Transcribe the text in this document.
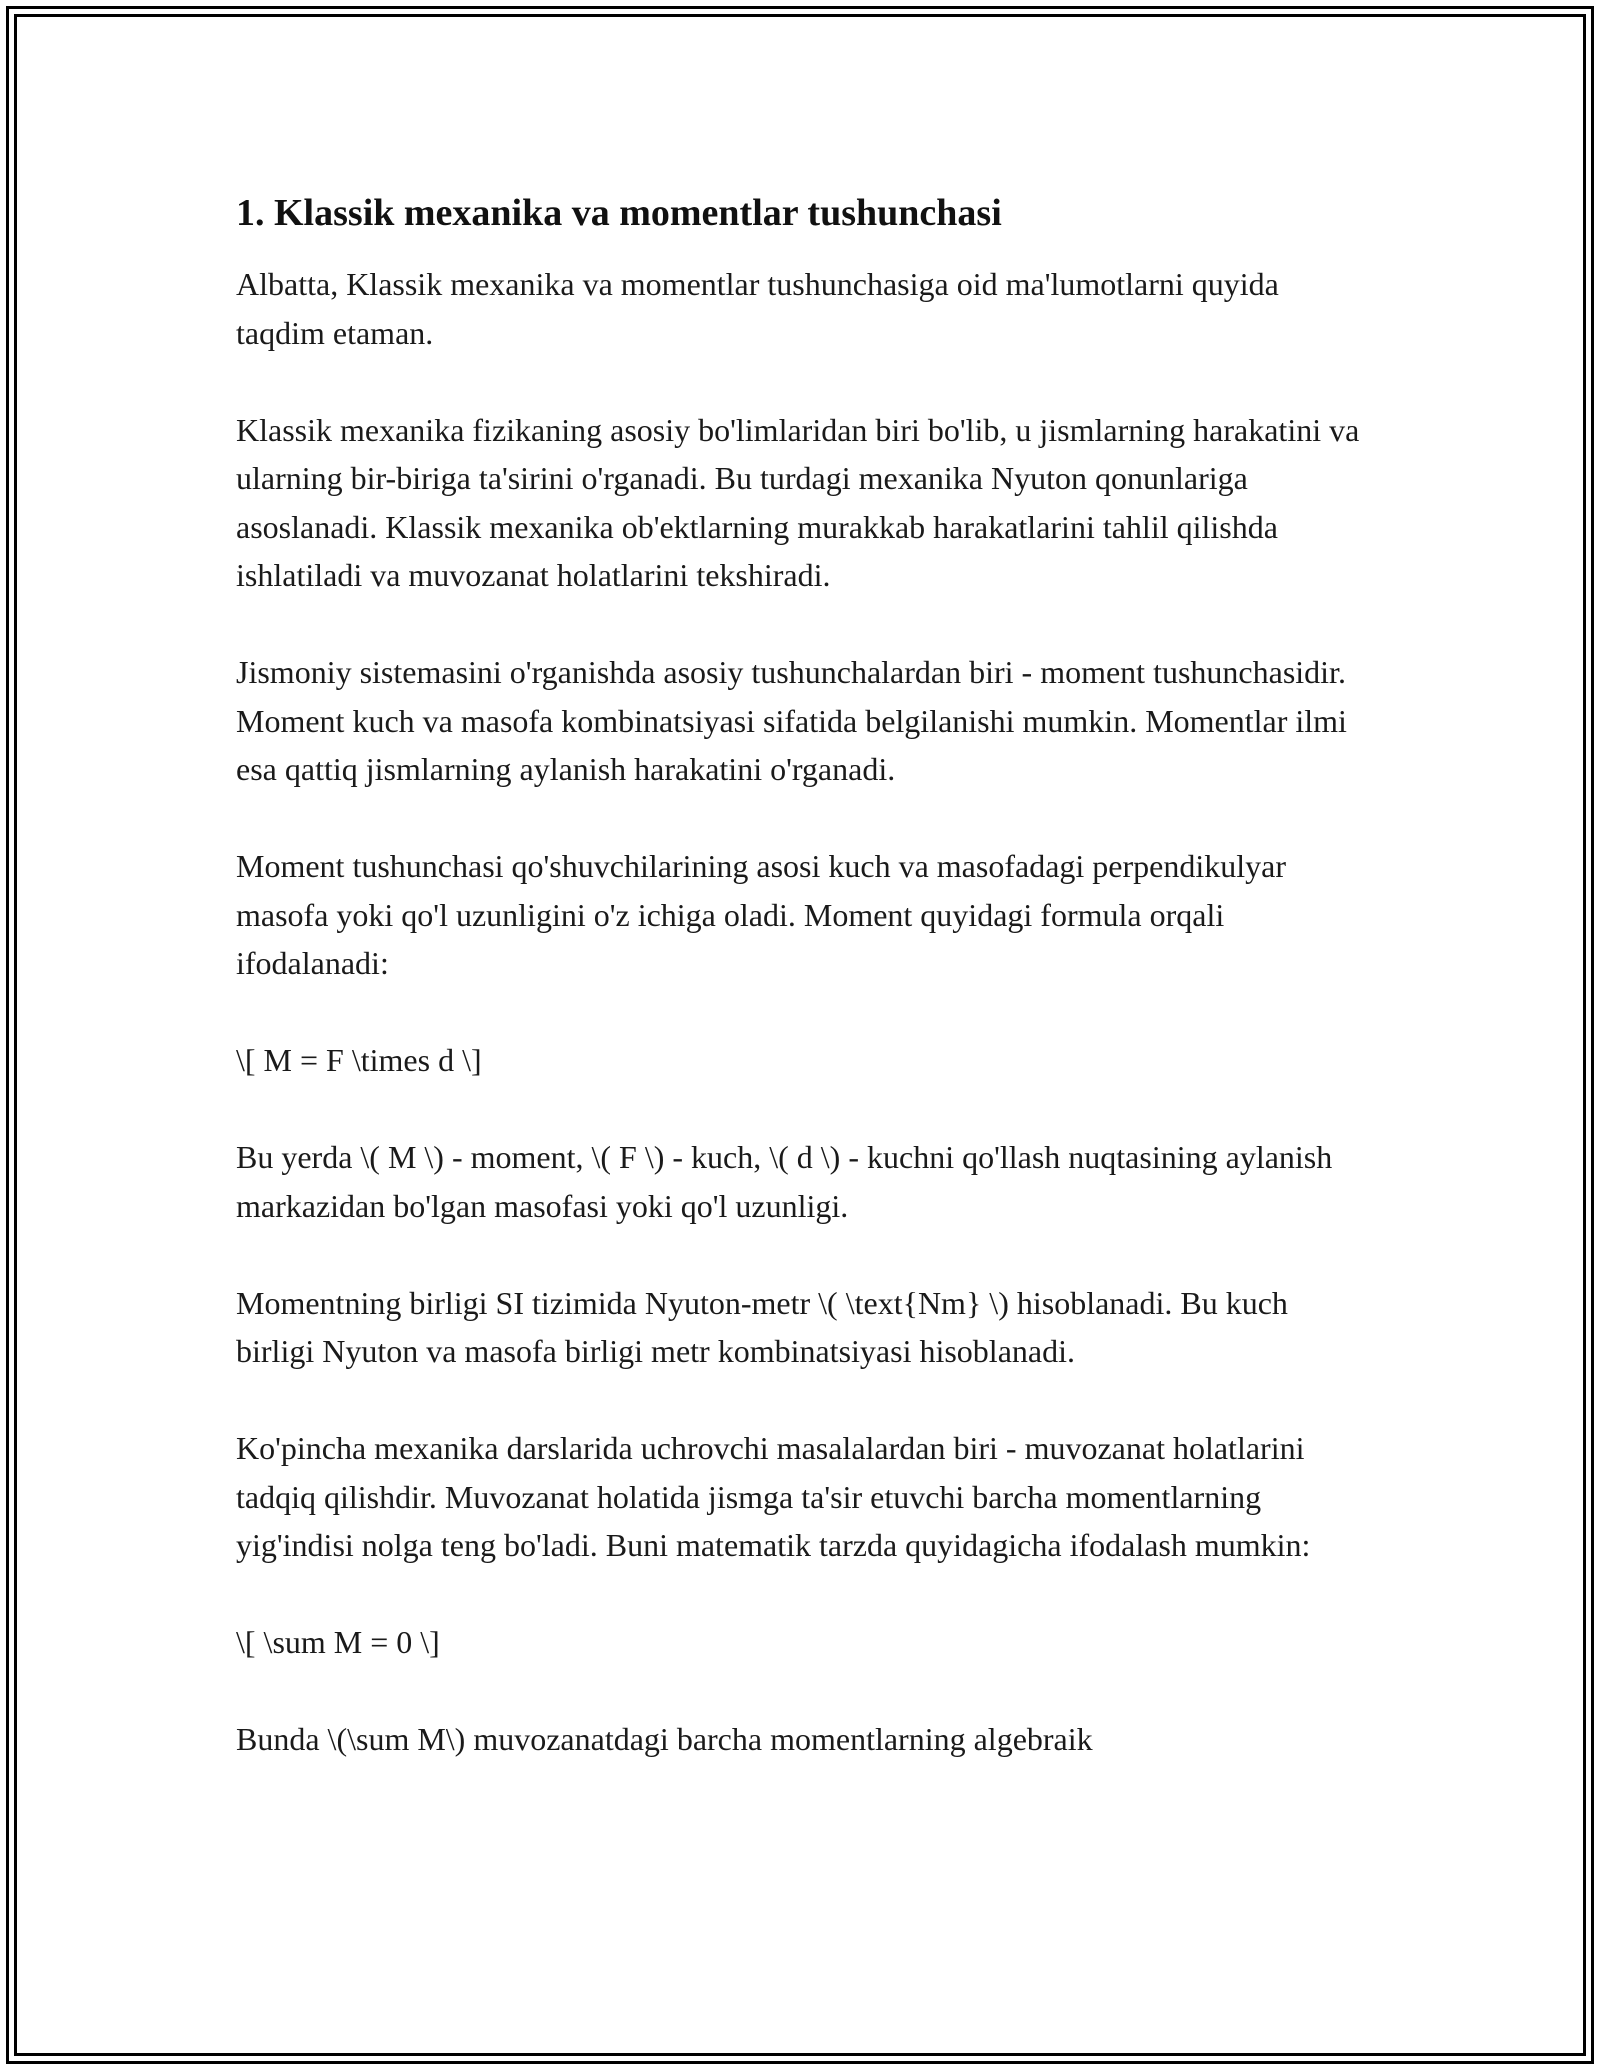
1. Klassik mexanika va momentlar tushunchasi

Albatta, Klassik mexanika va momentlar tushunchasiga oid ma'lumotlarni quyida taqdim etaman.

Klassik mexanika fizikaning asosiy bo'limlaridan biri bo'lib, u jismlarning harakatini va ularning bir-biriga ta'sirini o'rganadi. Bu turdagi mexanika Nyuton qonunlariga asoslanadi. Klassik mexanika ob'ektlarning murakkab harakatlarini tahlil qilishda ishlatiladi va muvozanat holatlarini tekshiradi.

Jismoniy sistemasini o'rganishda asosiy tushunchalardan biri - moment tushunchasidir. Moment kuch va masofa kombinatsiyasi sifatida belgilanishi mumkin. Momentlar ilmi esa qattiq jismlarning aylanish harakatini o'rganadi.

Moment tushunchasi qo'shuvchilarining asosi kuch va masofadagi perpendikulyar masofa yoki qo'l uzunligini o'z ichiga oladi. Moment quyidagi formula orqali ifodalanadi:

\[ M = F \times d \]

Bu yerda \( M \) - moment, \( F \) - kuch, \( d \) - kuchni qo'llash nuqtasining aylanish markazidan bo'lgan masofasi yoki qo'l uzunligi.

Momentning birligi SI tizimida Nyuton-metr \( \text{Nm} \) hisoblanadi. Bu kuch birligi Nyuton va masofa birligi metr kombinatsiyasi hisoblanadi.

Ko'pincha mexanika darslarida uchrovchi masalalardan biri - muvozanat holatlarini tadqiq qilishdir. Muvozanat holatida jismga ta'sir etuvchi barcha momentlarning yig'indisi nolga teng bo'ladi. Buni matematik tarzda quyidagicha ifodalash mumkin:

\[ \sum M = 0 \]

Bunda \(\sum M\) muvozanatdagi barcha momentlarning algebraik
